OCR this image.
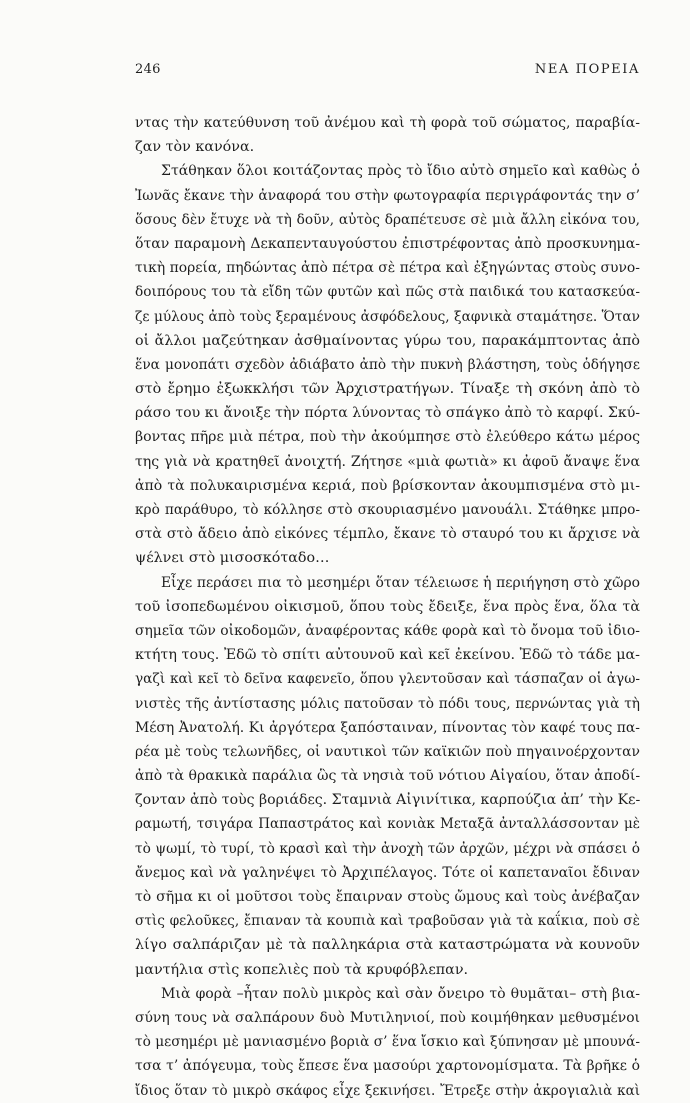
246	ΝΕΑ ΠΟΡΕΙΑ
ντας τὴν κατεύθυνση τοῦ ἀνέμου καὶ τὴ φορὰ τοῦ σώματος, παραβία-
ζαν τὸν κανόνα.
Στάθηκαν ὅλοι κοιτάζοντας πρὸς τὸ ἴδιο αὐτὸ σημεῖο καὶ καθὼς ὁ
Ἰωνᾶς ἔκανε τὴν ἀναφορά του στὴν φωτογραφία περιγράφοντάς την σ’
ὅσους δὲν ἔτυχε νὰ τὴ δοῦν, αὐτὸς δραπέτευσε σὲ μιὰ ἄλλη εἰκόνα του,
ὅταν παραμονὴ Δεκαπενταυγούστου ἐπιστρέφοντας ἀπὸ προσκυνημα-
τικὴ πορεία, πηδώντας ἀπὸ πέτρα σὲ πέτρα καὶ ἐξηγώντας στοὺς συνο-
δοιπόρους του τὰ εἴδη τῶν φυτῶν καὶ πῶς στὰ παιδικά του κατασκεύα-
ζε μύλους ἀπὸ τοὺς ξεραμένους ἀσφόδελους, ξαφνικὰ σταμάτησε. Ὅταν
οἱ ἄλλοι μαζεύτηκαν ἀσθμαίνοντας γύρω του, παρακάμπτοντας ἀπὸ
ἕνα μονοπάτι σχεδὸν ἀδιάβατο ἀπὸ τὴν πυκνὴ βλάστηση, τοὺς ὁδήγησε
στὸ ἔρημο ἐξωκκλήσι τῶν Ἀρχιστρατήγων. Τίναξε τὴ σκόνη ἀπὸ τὸ
ράσο του κι ἄνοιξε τὴν πόρτα λύνοντας τὸ σπάγκο ἀπὸ τὸ καρφί. Σκύ-
βοντας πῆρε μιὰ πέτρα, ποὺ τὴν ἀκούμπησε στὸ ἐλεύθερο κάτω μέρος
της γιὰ νὰ κρατηθεῖ ἀνοιχτή. Ζήτησε «μιὰ φωτιὰ» κι ἀφοῦ ἄναψε ἕνα
ἀπὸ τὰ πολυκαιρισμένα κεριά, ποὺ βρίσκονταν ἀκουμπισμένα στὸ μι-
κρὸ παράθυρο, τὸ κόλλησε στὸ σκουριασμένο μανουάλι. Στάθηκε μπρο-
στὰ στὸ ἄδειο ἀπὸ εἰκόνες τέμπλο, ἔκανε τὸ σταυρό του κι ἄρχισε νὰ
ψέλνει στὸ μισοσκόταδο…
Εἶχε περάσει πια τὸ μεσημέρι ὅταν τέλειωσε ἡ περιήγηση στὸ χῶρο
τοῦ ἰσοπεδωμένου οἰκισμοῦ, ὅπου τοὺς ἔδειξε, ἕνα πρὸς ἕνα, ὅλα τὰ
σημεῖα τῶν οἰκοδομῶν, ἀναφέροντας κάθε φορὰ καὶ τὸ ὄνομα τοῦ ἰδιο-
κτήτη τους. Ἐδῶ τὸ σπίτι αὐτουνοῦ καὶ κεῖ ἐκείνου. Ἐδῶ τὸ τάδε μα-
γαζὶ καὶ κεῖ τὸ δεῖνα καφενεῖο, ὅπου γλεντοῦσαν καὶ τάσπαζαν οἱ ἀγω-
νιστὲς τῆς ἀντίστασης μόλις πατοῦσαν τὸ πόδι τους, περνώντας γιὰ τὴ
Μέση Ἀνατολή. Κι ἀργότερα ξαπόσταιναν, πίνοντας τὸν καφέ τους πα-
ρέα μὲ τοὺς τελωνῆδες, οἱ ναυτικοὶ τῶν καϊκιῶν ποὺ πηγαινοέρχονταν
ἀπὸ τὰ θρακικὰ παράλια ὣς τὰ νησιὰ τοῦ νότιου Αἰγαίου, ὅταν ἀποδί-
ζονταν ἀπὸ τοὺς βοριάδες. Σταμνιὰ Αἰγινίτικα, καρπούζια ἀπ’ τὴν Κε-
ραμωτή, τσιγάρα Παπαστράτος καὶ κονιὰκ Μεταξᾶ ἀνταλλάσσονταν μὲ
τὸ ψωμί, τὸ τυρί, τὸ κρασὶ καὶ τὴν ἀνοχὴ τῶν ἀρχῶν, μέχρι νὰ σπάσει ὁ
ἄνεμος καὶ νὰ γαληνέψει τὸ Ἀρχιπέλαγος. Τότε οἱ καπεταναῖοι ἔδιναν
τὸ σῆμα κι οἱ μοῦτσοι τοὺς ἔπαιρναν στοὺς ὤμους καὶ τοὺς ἀνέβαζαν
στὶς φελοῦκες, ἔπιαναν τὰ κουπιὰ καὶ τραβοῦσαν γιὰ τὰ καΐκια, ποὺ σὲ
λίγο σαλπάριζαν μὲ τὰ παλληκάρια στὰ καταστρώματα νὰ κουνοῦν
μαντήλια στὶς κοπελιὲς ποὺ τὰ κρυφόβλεπαν.
Μιὰ φορὰ –ἦταν πολὺ μικρὸς καὶ σὰν ὄνειρο τὸ θυμᾶται– στὴ βια-
σύνη τους νὰ σαλπάρουν δυὸ Μυτιληνιοί, ποὺ κοιμήθηκαν μεθυσμένοι
τὸ μεσημέρι μὲ μανιασμένο βοριὰ σ’ ἕνα ἴσκιο καὶ ξύπνησαν μὲ μπουνά-
τσα τ’ ἀπόγευμα, τοὺς ἔπεσε ἕνα μασούρι χαρτονομίσματα. Τὰ βρῆκε ὁ
ἴδιος ὅταν τὸ μικρὸ σκάφος εἶχε ξεκινήσει. Ἔτρεξε στὴν ἀκρογιαλιὰ καὶ
